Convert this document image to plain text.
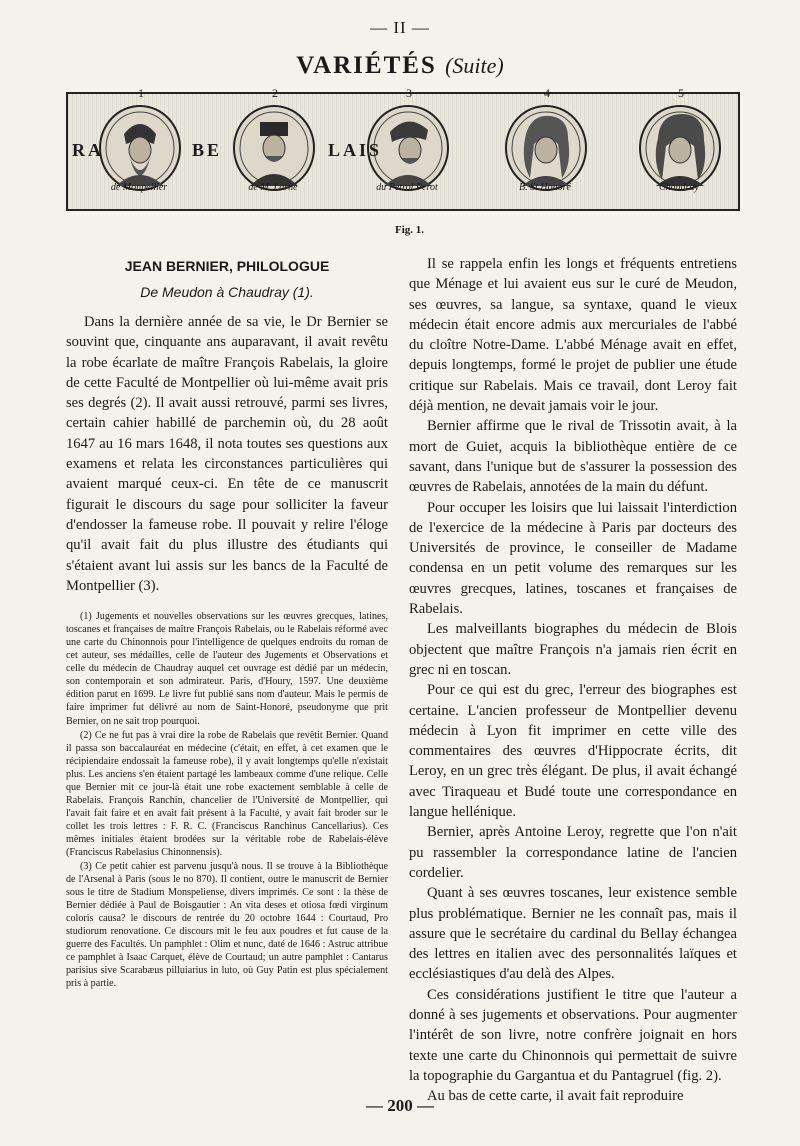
— II —
VARIÉTÉS (Suite)
1
RA
de Monpellier
2
BE
de M. Larne
3
LAIS
du Petrol Perot
4
B. St Honoré
5
Chaudray
Fig. 1.
JEAN BERNIER, PHILOLOGUE
De Meudon à Chaudray (1).

Dans la dernière année de sa vie, le Dr Bernier se souvint que, cinquante ans auparavant, il avait revêtu la robe écarlate de maître François Rabelais, la gloire de cette Faculté de Montpellier où lui-même avait pris ses degrés (2). Il avait aussi retrouvé, parmi ses livres, certain cahier habillé de parchemin où, du 28 août 1647 au 16 mars 1648, il nota toutes ses questions aux examens et relata les circonstances particulières qui avaient marqué ceux-ci. En tête de ce manuscrit figurait le discours du sage pour solliciter la faveur d'endosser la fameuse robe. Il pouvait y relire l'éloge qu'il avait fait du plus illustre des étudiants qui s'étaient avant lui assis sur les bancs de la Faculté de Montpellier (3).

(1) Jugements et nouvelles observations sur les œuvres grecques, latines, toscanes et françaises de maître François Rabelais, ou le Rabelais réformé avec une carte du Chinonnois pour l'intelligence de quelques endroits du roman de cet auteur, ses médailles, celle de l'auteur des Jugements et Observations et celle du médecin de Chaudray auquel cet ouvrage est dédié par un médecin, son contemporain et son admirateur. Paris, d'Houry, 1597. Une deuxième édition parut en 1699. Le livre fut publié sans nom d'auteur. Mais le permis de faire imprimer fut délivré au nom de Saint-Honoré, pseudonyme que prit Bernier, on ne sait trop pourquoi.

(2) Ce ne fut pas à vrai dire la robe de Rabelais que revêtit Bernier. Quand il passa son baccalauréat en médecine (c'était, en effet, à cet examen que le récipiendaire endossait la fameuse robe), il y avait longtemps qu'elle n'existait plus. Les anciens s'en étaient partagé les lambeaux comme d'une relique. Celle que Bernier mit ce jour-là était une robe exactement semblable à celle de Rabelais. François Ranchin, chancelier de l'Université de Montpellier, qui l'avait fait faire et en avait fait présent à la Faculté, y avait fait broder sur le collet les trois lettres : F. R. C. (Franciscus Ranchinus Cancellarius). Ces mêmes initiales étaient brodées sur la véritable robe de Rabelais-élève (Franciscus Rabelasius Chinonnensis).

(3) Ce petit cahier est parvenu jusqu'à nous. Il se trouve à la Bibliothèque de l'Arsenal à Paris (sous le no 870). Il contient, outre le manuscrit de Bernier sous le titre de Stadium Monspeliense, divers imprimés. Ce sont : la thèse de Bernier dédiée à Paul de Boisgautier : An vita deses et otiosa fœdi virginum coloris causa? le discours de rentrée du 20 octobre 1644 : Courtaud, Pro studiorum renovatione. Ce discours mit le feu aux poudres et fut cause de la guerre des Facultés. Un pamphlet : Olim et nunc, daté de 1646 : Astruc attribue ce pamphlet à Isaac Carquet, élève de Courtaud; un autre pamphlet : Cantarus parisius sive Scarabæus pilluiarius in luto, où Guy Patin est plus spécialement pris à partie.

Il se rappela enfin les longs et fréquents entretiens que Ménage et lui avaient eus sur le curé de Meudon, ses œuvres, sa langue, sa syntaxe, quand le vieux médecin était encore admis aux mercuriales de l'abbé du cloître Notre-Dame. L'abbé Ménage avait en effet, depuis longtemps, formé le projet de publier une étude critique sur Rabelais. Mais ce travail, dont Leroy fait déjà mention, ne devait jamais voir le jour.

Bernier affirme que le rival de Trissotin avait, à la mort de Guiet, acquis la bibliothèque entière de ce savant, dans l'unique but de s'assurer la possession des œuvres de Rabelais, annotées de la main du défunt.

Pour occuper les loisirs que lui laissait l'interdiction de l'exercice de la médecine à Paris par docteurs des Universités de province, le conseiller de Madame condensa en un petit volume des remarques sur les œuvres grecques, latines, toscanes et françaises de Rabelais.

Les malveillants biographes du médecin de Blois objectent que maître François n'a jamais rien écrit en grec ni en toscan.

Pour ce qui est du grec, l'erreur des biographes est certaine. L'ancien professeur de Montpellier devenu médecin à Lyon fit imprimer en cette ville des commentaires des œuvres d'Hippocrate écrits, dit Leroy, en un grec très élégant. De plus, il avait échangé avec Tiraqueau et Budé toute une correspondance en langue hellénique.

Bernier, après Antoine Leroy, regrette que l'on n'ait pu rassembler la correspondance latine de l'ancien cordelier.

Quant à ses œuvres toscanes, leur existence semble plus problématique. Bernier ne les connaît pas, mais il assure que le secrétaire du cardinal du Bellay échangea des lettres en italien avec des personnalités laïques et ecclésiastiques d'au delà des Alpes.

Ces considérations justifient le titre que l'auteur a donné à ses jugements et observations. Pour augmenter l'intérêt de son livre, notre confrère joignait en hors texte une carte du Chinonnois qui permettait de suivre la topographie du Gargantua et du Pantagruel (fig. 2).

Au bas de cette carte, il avait fait reproduire

— 200 —
